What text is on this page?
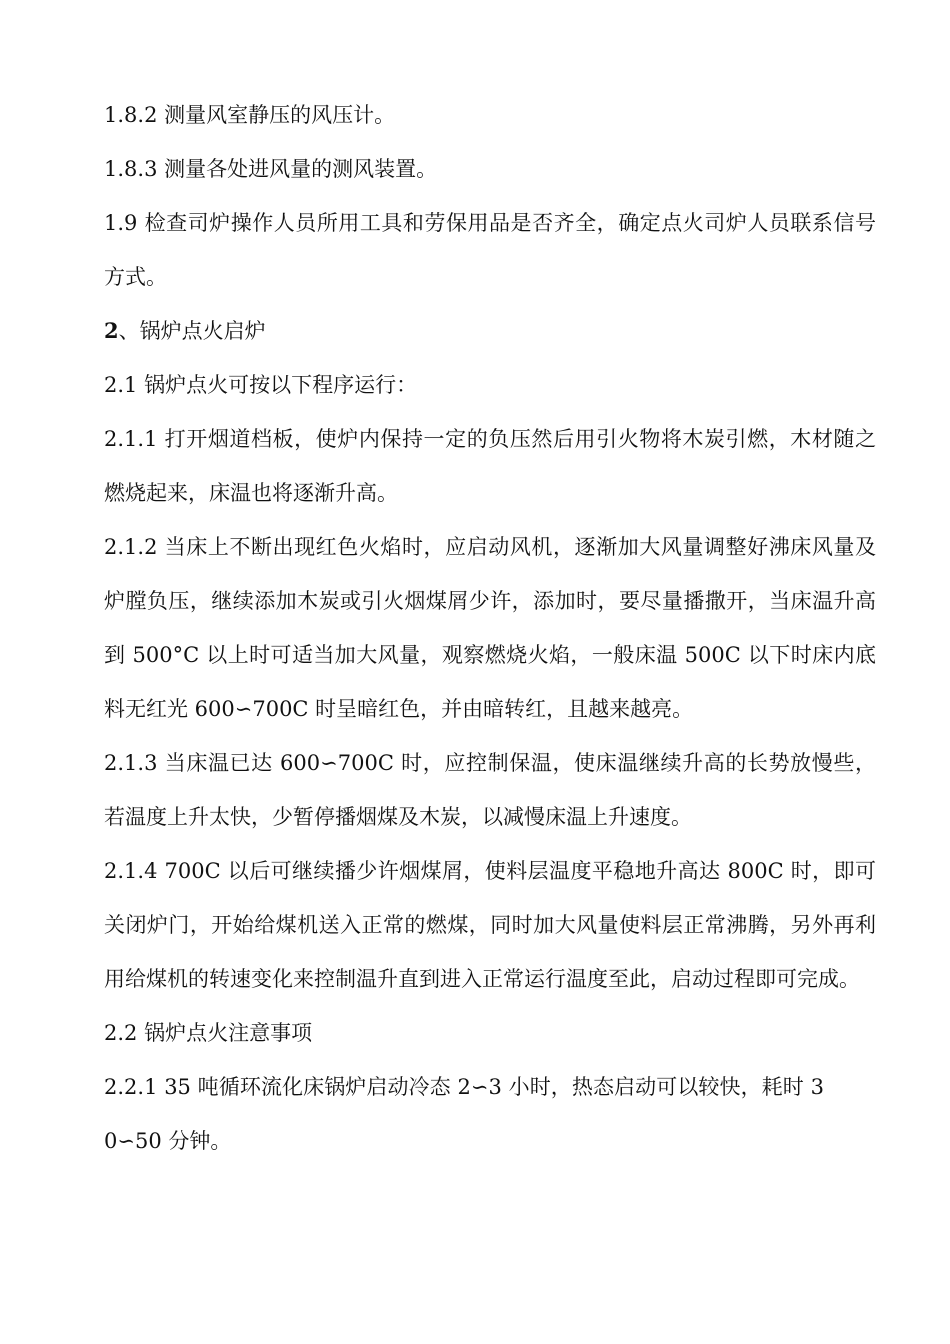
1.8.2 测量风室静压的风压计。

1.8.3 测量各处进风量的测风装置。

1.9 检查司炉操作人员所用工具和劳保用品是否齐全，确定点火司炉人员联系信号方式。

2、锅炉点火启炉

2.1 锅炉点火可按以下程序运行：

2.1.1 打开烟道档板，使炉内保持一定的负压然后用引火物将木炭引燃，木材随之燃烧起来，床温也将逐渐升高。

2.1.2 当床上不断出现红色火焰时，应启动风机，逐渐加大风量调整好沸床风量及炉膛负压，继续添加木炭或引火烟煤屑少许，添加时，要尽量播撒开，当床温升高到 500°C 以上时可适当加大风量，观察燃烧火焰，一般床温 500C 以下时床内底料无红光 600∽700C 时呈暗红色，并由暗转红，且越来越亮。

2.1.3 当床温已达 600∽700C 时，应控制保温，使床温继续升高的长势放慢些，若温度上升太快，少暂停播烟煤及木炭，以减慢床温上升速度。

2.1.4 700C 以后可继续播少许烟煤屑，使料层温度平稳地升高达 800C 时，即可关闭炉门，开始给煤机送入正常的燃煤，同时加大风量使料层正常沸腾，另外再利用给煤机的转速变化来控制温升直到进入正常运行温度至此，启动过程即可完成。

2.2 锅炉点火注意事项

2.2.1 35 吨循环流化床锅炉启动冷态 2∽3 小时，热态启动可以较快，耗时 30∽50 分钟。
